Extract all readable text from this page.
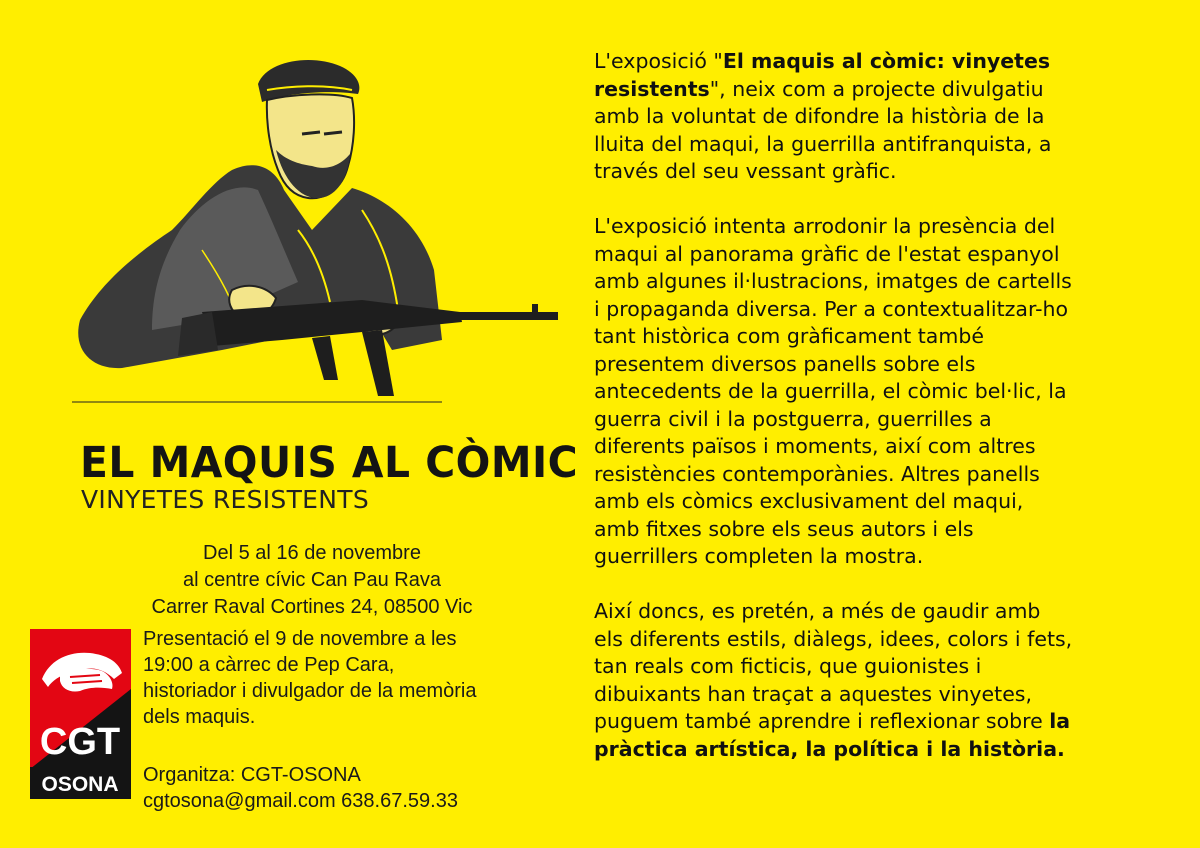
EL MAQUIS AL CÒMIC
VINYETES RESISTENTS
Del 5 al 16 de novembre
al centre cívic Can Pau Rava
Carrer Raval Cortines 24, 08500 Vic
CGT
OSONA
Presentació el 9 de novembre a les
19:00 a càrrec de Pep Cara,
historiador i divulgador de la memòria
dels maquis.
Organitza: CGT-OSONA
cgtosona@gmail.com 638.67.59.33
L'exposició "El maquis al còmic: vinyetes
resistents", neix com a projecte divulgatiu
amb la voluntat de difondre la història de la
lluita del maqui, la guerrilla antifranquista, a
través del seu vessant gràfic.
L'exposició intenta arrodonir la presència del
maqui al panorama gràfic de l'estat espanyol
amb algunes il·lustracions, imatges de cartells
i propaganda diversa. Per a contextualitzar-ho
tant històrica com gràficament també
presentem diversos panells sobre els
antecedents de la guerrilla, el còmic bel·lic, la
guerra civil i la postguerra, guerrilles a
diferents països i moments, així com altres
resistències contemporànies. Altres panells
amb els còmics exclusivament del maqui,
amb fitxes sobre els seus autors i els
guerrillers completen la mostra.
Així doncs, es pretén, a més de gaudir amb
els diferents estils, diàlegs, idees, colors i fets,
tan reals com ficticis, que guionistes i
dibuixants han traçat a aquestes vinyetes,
puguem també aprendre i reflexionar sobre la
pràctica artística, la política i la història.
